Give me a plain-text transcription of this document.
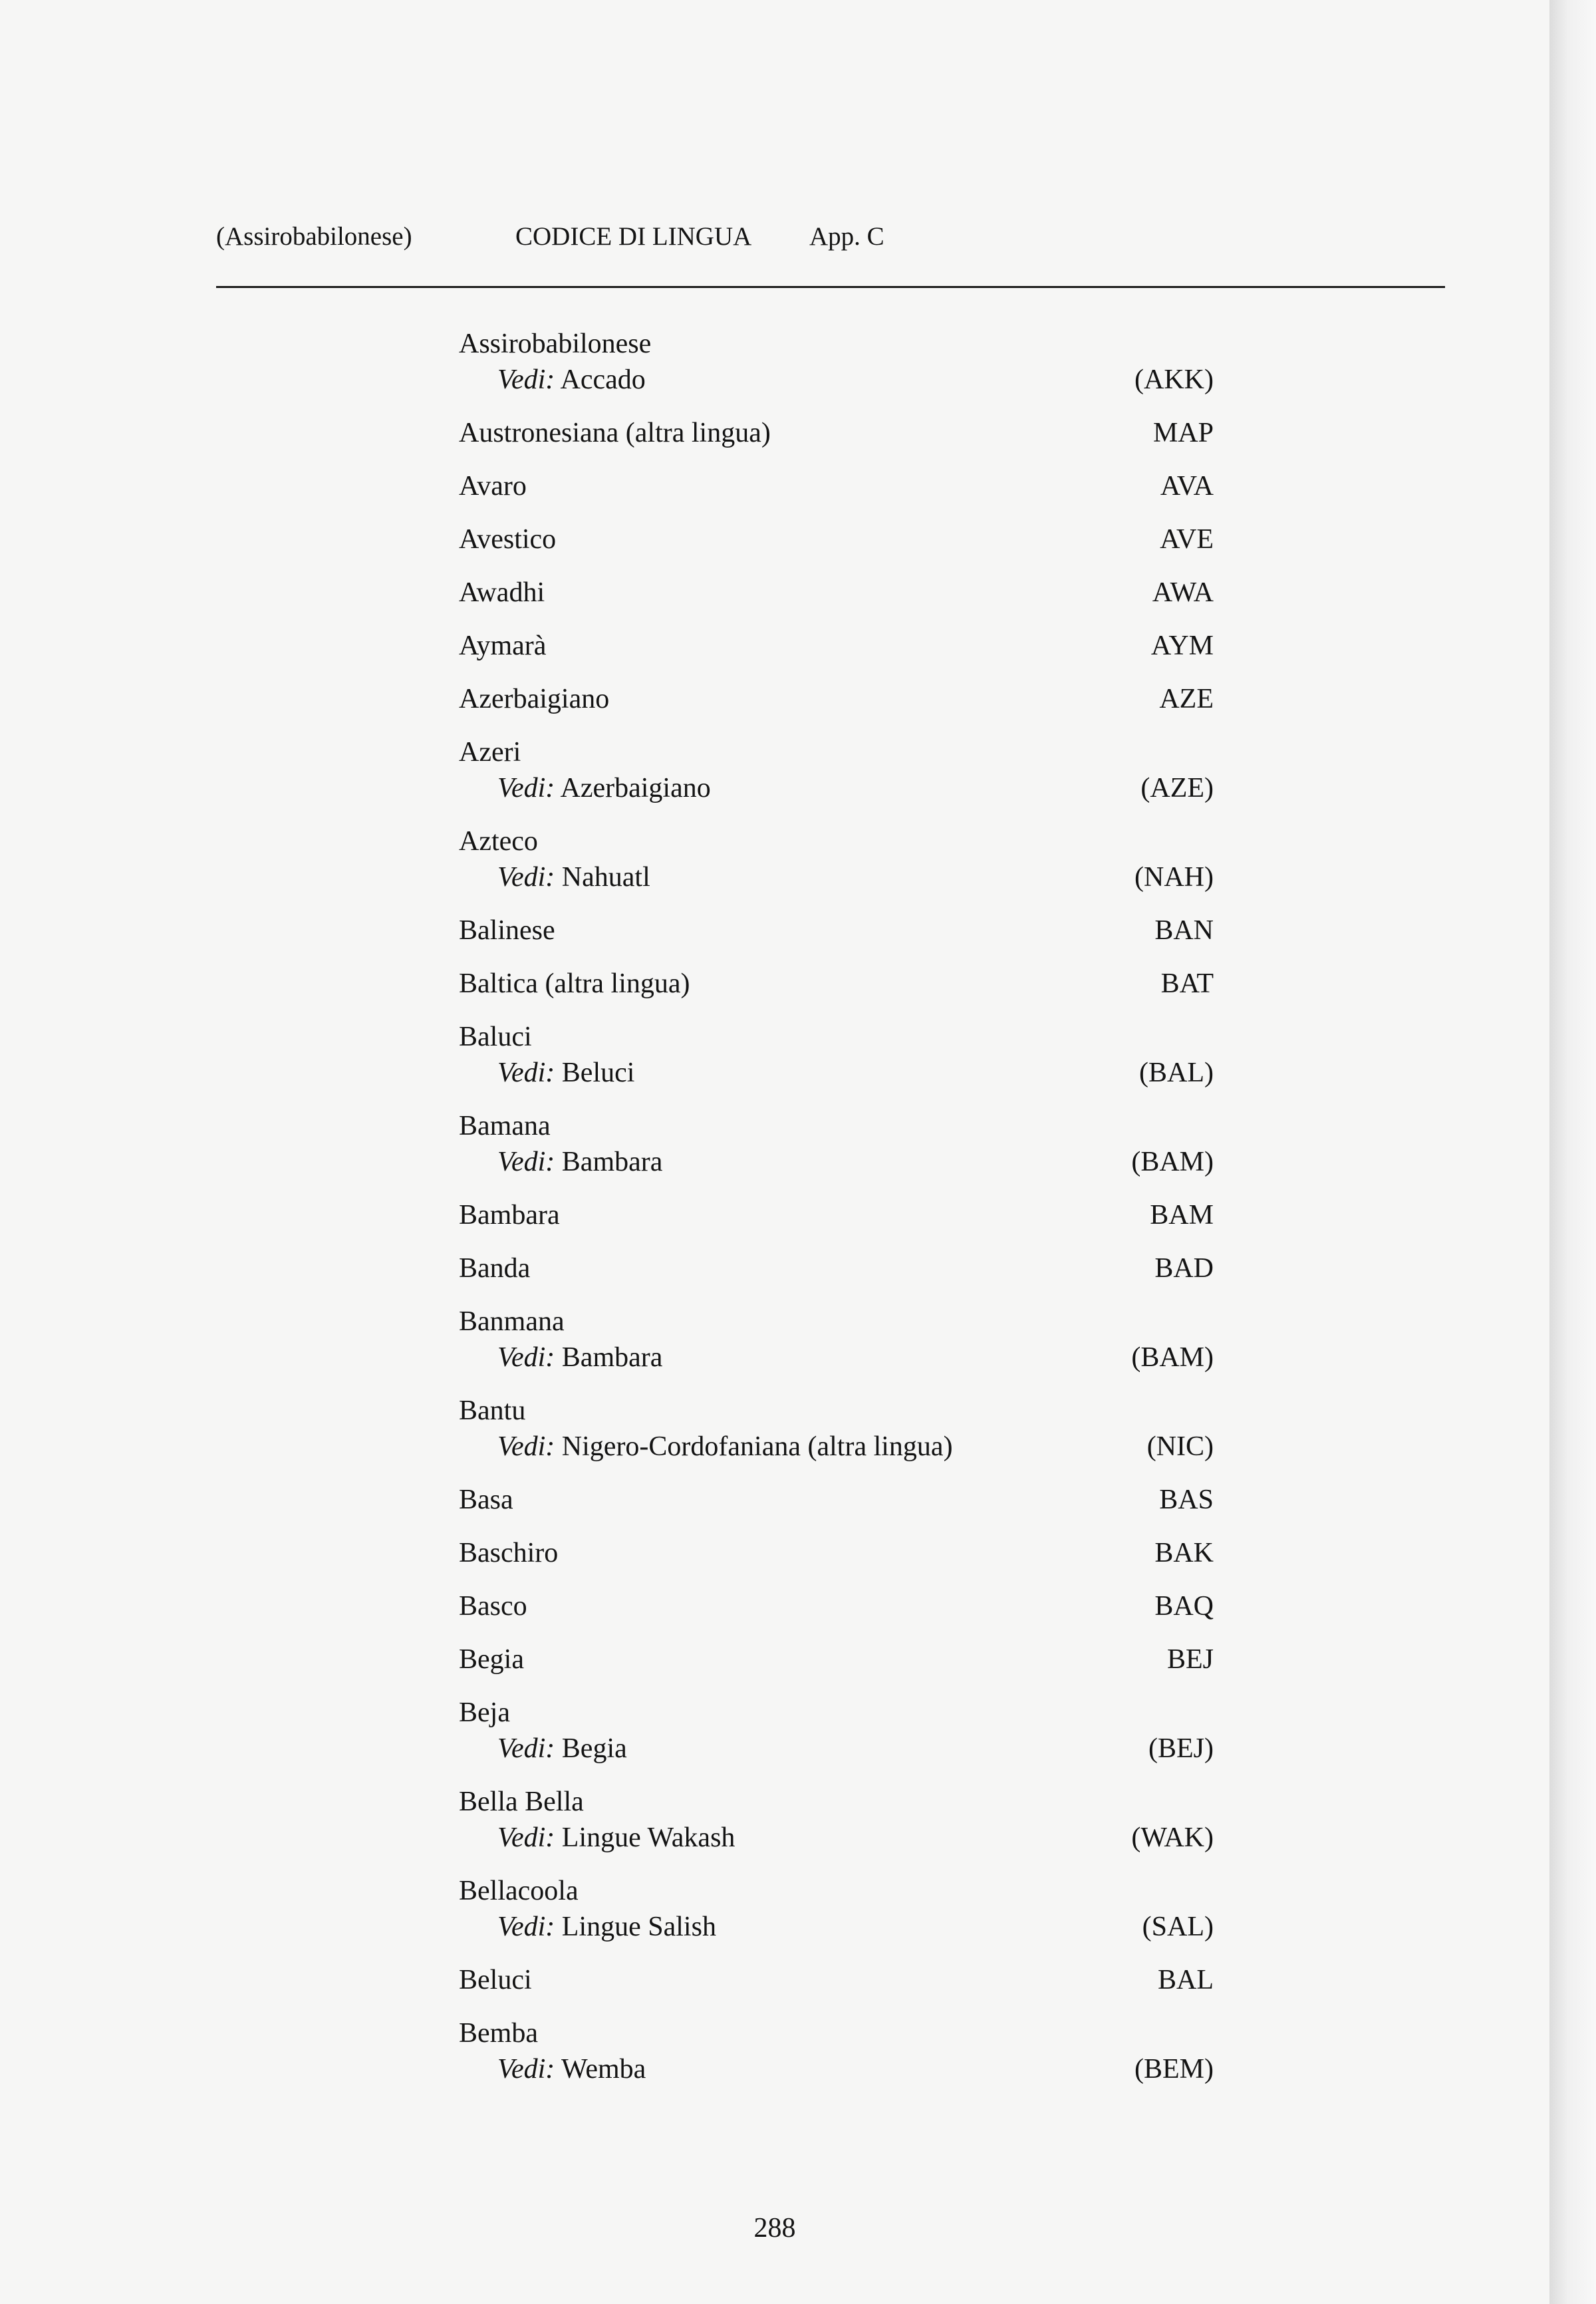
(Assirobabilonese)	CODICE DI LINGUA App. C
Assirobabilonese
Vedi: Accado	(AKK)
Austronesiana (altra lingua)	MAP
Avaro	AVA
Avestico	AVE
Awadhi	AWA
Aymarà	AYM
Azerbaigiano	AZE
Azeri
Vedi: Azerbaigiano	(AZE)
Azteco
Vedi: Nahuatl	(NAH)
Balinese	BAN
Baltica (altra lingua)	BAT
Baluci
Vedi: Beluci	(BAL)
Bamana
Vedi: Bambara	(BAM)
Bambara	BAM
Banda	BAD
Banmana
Vedi: Bambara	(BAM)
Bantu
Vedi: Nigero-Cordofaniana (altra lingua)	(NIC)
Basa	BAS
Baschiro	BAK
Basco	BAQ
Begia	BEJ
Beja
Vedi: Begia	(BEJ)
Bella Bella
Vedi: Lingue Wakash	(WAK)
Bellacoola
Vedi: Lingue Salish	(SAL)
Beluci	BAL
Bemba
Vedi: Wemba	(BEM)
288
